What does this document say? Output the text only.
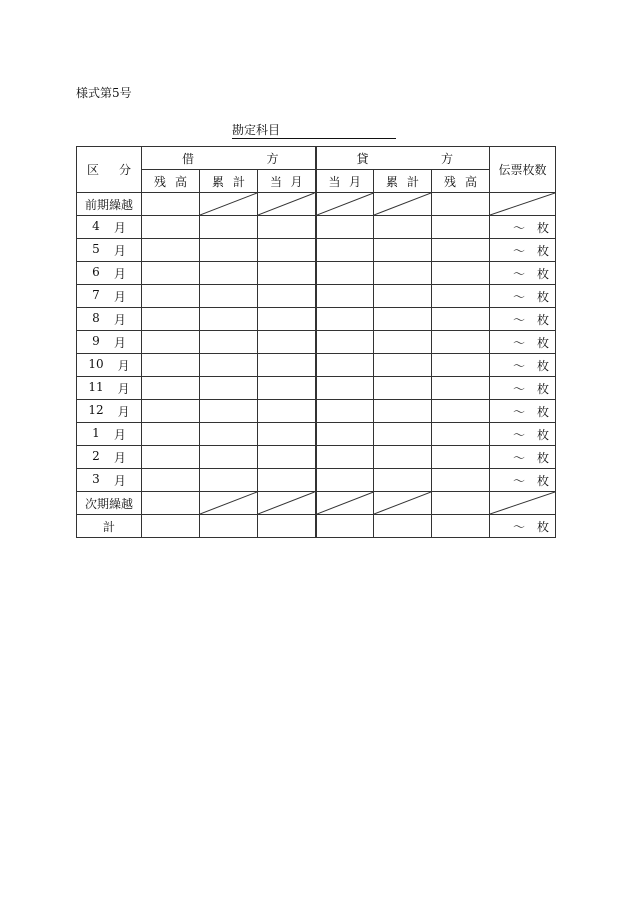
様式第5号
勘定科目
区 分	借 方			貸 方			伝票枚数

	残 高	累 計	当 月	当 月	累 計	残 高	

前期繰越		

4 月							〜 枚

5 月							〜 枚

6 月							〜 枚

7 月							〜 枚

8 月							〜 枚

9 月							〜 枚

10 月							〜 枚

11 月							〜 枚

12 月							〜 枚

1 月							〜 枚

2 月							〜 枚

3 月							〜 枚

次期繰越		

計							〜 枚
